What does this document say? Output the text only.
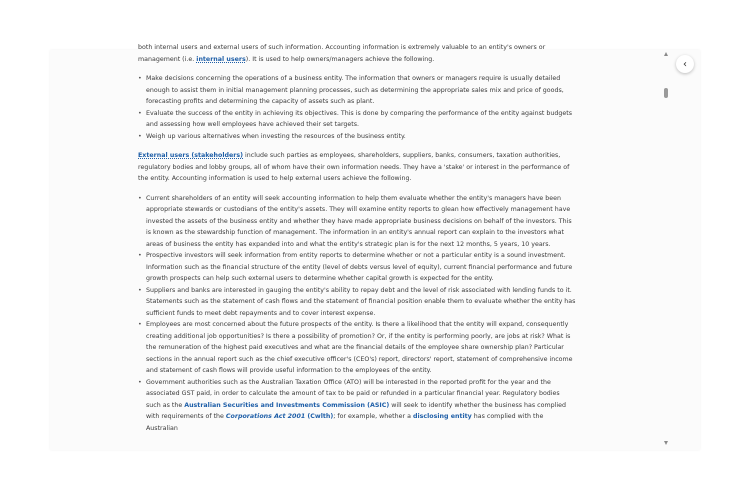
both internal users and external users of such information. Accounting information is extremely valuable to an entity's owners or management (i.e. internal users). It is used to help owners/managers achieve the following.

• Make decisions concerning the operations of a business entity. The information that owners or managers require is usually detailed enough to assist them in initial management planning processes, such as determining the appropriate sales mix and price of goods, forecasting profits and determining the capacity of assets such as plant.
• Evaluate the success of the entity in achieving its objectives. This is done by comparing the performance of the entity against budgets and assessing how well employees have achieved their set targets.
• Weigh up various alternatives when investing the resources of the business entity.

External users (stakeholders) include such parties as employees, shareholders, suppliers, banks, consumers, taxation authorities, regulatory bodies and lobby groups, all of whom have their own information needs. They have a 'stake' or interest in the performance of the entity. Accounting information is used to help external users achieve the following.

• Current shareholders of an entity will seek accounting information to help them evaluate whether the entity's managers have been appropriate stewards or custodians of the entity's assets. They will examine entity reports to glean how effectively management have invested the assets of the business entity and whether they have made appropriate business decisions on behalf of the investors. This is known as the stewardship function of management. The information in an entity's annual report can explain to the investors what areas of business the entity has expanded into and what the entity's strategic plan is for the next 12 months, 5 years, 10 years.
• Prospective investors will seek information from entity reports to determine whether or not a particular entity is a sound investment. Information such as the financial structure of the entity (level of debts versus level of equity), current financial performance and future growth prospects can help such external users to determine whether capital growth is expected for the entity.
• Suppliers and banks are interested in gauging the entity's ability to repay debt and the level of risk associated with lending funds to it. Statements such as the statement of cash flows and the statement of financial position enable them to evaluate whether the entity has sufficient funds to meet debt repayments and to cover interest expense.
• Employees are most concerned about the future prospects of the entity. Is there a likelihood that the entity will expand, consequently creating additional job opportunities? Is there a possibility of promotion? Or, if the entity is performing poorly, are jobs at risk? What is the remuneration of the highest paid executives and what are the financial details of the employee share ownership plan? Particular sections in the annual report such as the chief executive officer's (CEO's) report, directors' report, statement of comprehensive income and statement of cash flows will provide useful information to the employees of the entity.
• Government authorities such as the Australian Taxation Office (ATO) will be interested in the reported profit for the year and the associated GST paid, in order to calculate the amount of tax to be paid or refunded in a particular financial year. Regulatory bodies such as the Australian Securities and Investments Commission (ASIC) will seek to identify whether the business has complied with requirements of the Corporations Act 2001 (Cwlth); for example, whether a disclosing entity has complied with the Australian
‹
